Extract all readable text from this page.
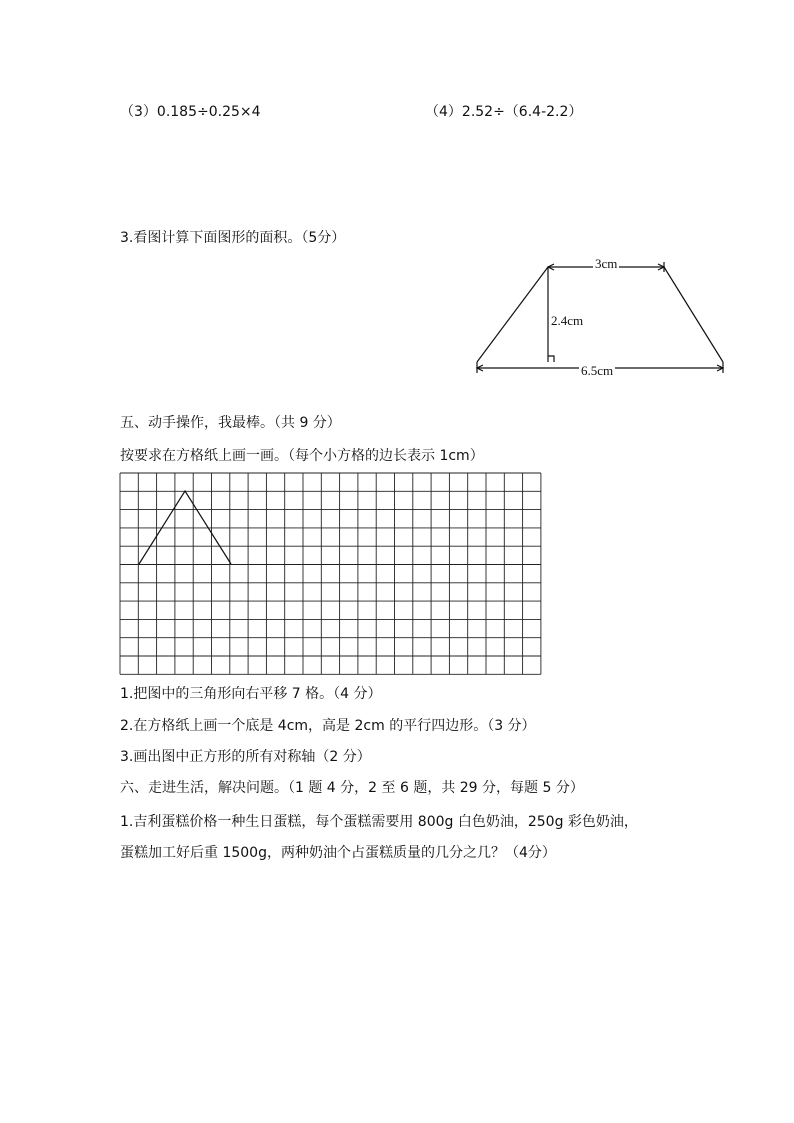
（3）0.185÷0.25×4	（4）2.52÷（6.4-2.2）
3.看图计算下面图形的面积。（5分）
3cm
2.4cm
6.5cm
五、动手操作，我最棒。（共 9 分）
按要求在方格纸上画一画。（每个小方格的边长表示 1cm）
1.把图中的三角形向右平移 7 格。（4 分）
2.在方格纸上画一个底是 4cm，高是 2cm 的平行四边形。（3 分）
3.画出图中正方形的所有对称轴（2 分）
六、走进生活，解决问题。（1 题 4 分，2 至 6 题，共 29 分，每题 5 分）
1.吉利蛋糕价格一种生日蛋糕，每个蛋糕需要用 800g 白色奶油，250g 彩色奶油，
蛋糕加工好后重 1500g，两种奶油个占蛋糕质量的几分之几？（4分）
